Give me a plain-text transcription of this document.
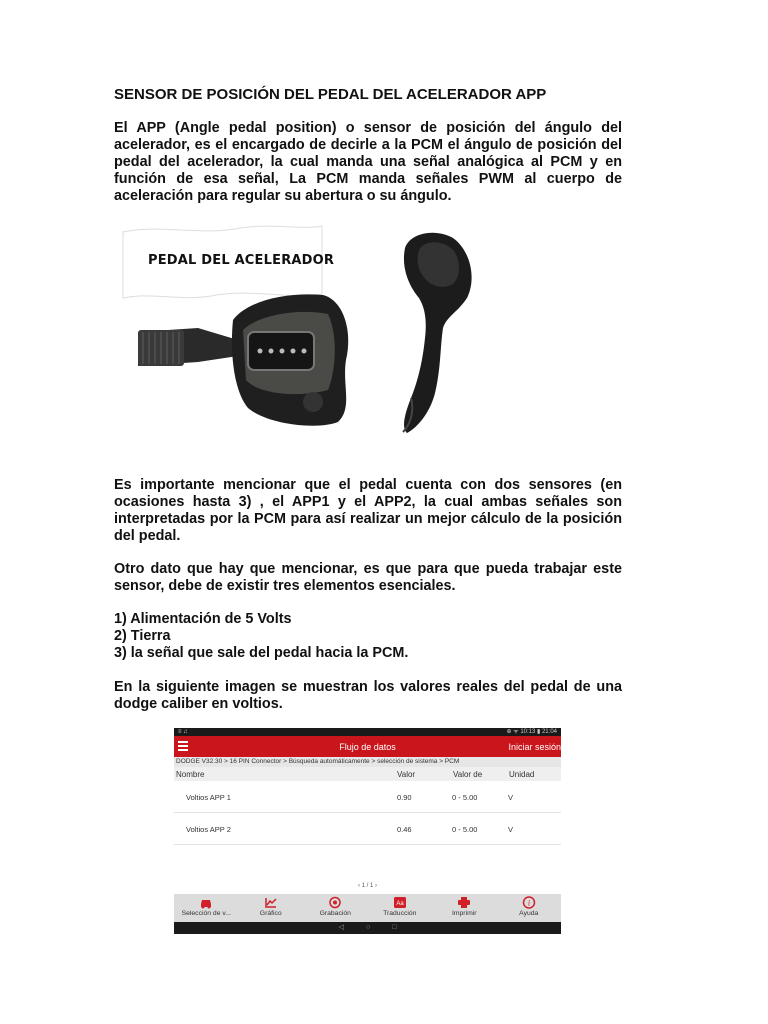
SENSOR DE POSICIÓN DEL PEDAL DEL ACELERADOR APP

El APP (Angle pedal position) o sensor de posición del ángulo del acelerador, es el encargado de decirle a la PCM el ángulo de posición del pedal del acelerador, la cual manda una señal analógica al PCM y en función de esa señal, La PCM manda señales PWM al cuerpo de aceleración para regular su abertura o su ángulo.

PEDAL DEL ACELERADOR

Es importante mencionar que el pedal cuenta con dos sensores (en ocasiones hasta 3) , el APP1 y el APP2, la cual ambas señales son interpretadas por la PCM para así realizar un mejor cálculo de la posición del pedal.

Otro dato que hay que mencionar, es que para que pueda trabajar este sensor, debe de existir tres elementos esenciales.

1) Alimentación de 5 Volts
2) Tierra
3) la señal que sale del pedal hacia la PCM.

En la siguiente imagen se muestran los valores reales del pedal de una dodge caliber en voltios.

≡ ♫	⊕ ᯤ 10:13 ▮ 21:04
Flujo de datos	Iniciar sesión
DODGE V32.30 > 16 PIN Connector > Búsqueda automáticamente > selección de sistema > PCM
Nombre	Valor	Valor de	Unidad
Voltios APP 1	0.90	0 - 5.00	V
Voltios APP 2	0.46	0 - 5.00	V
‹ 1 / 1 ›
Selección de v...	Gráfico	Grabación
Aa
Traducción	Imprimir
i
Ayuda
◁	○	□
